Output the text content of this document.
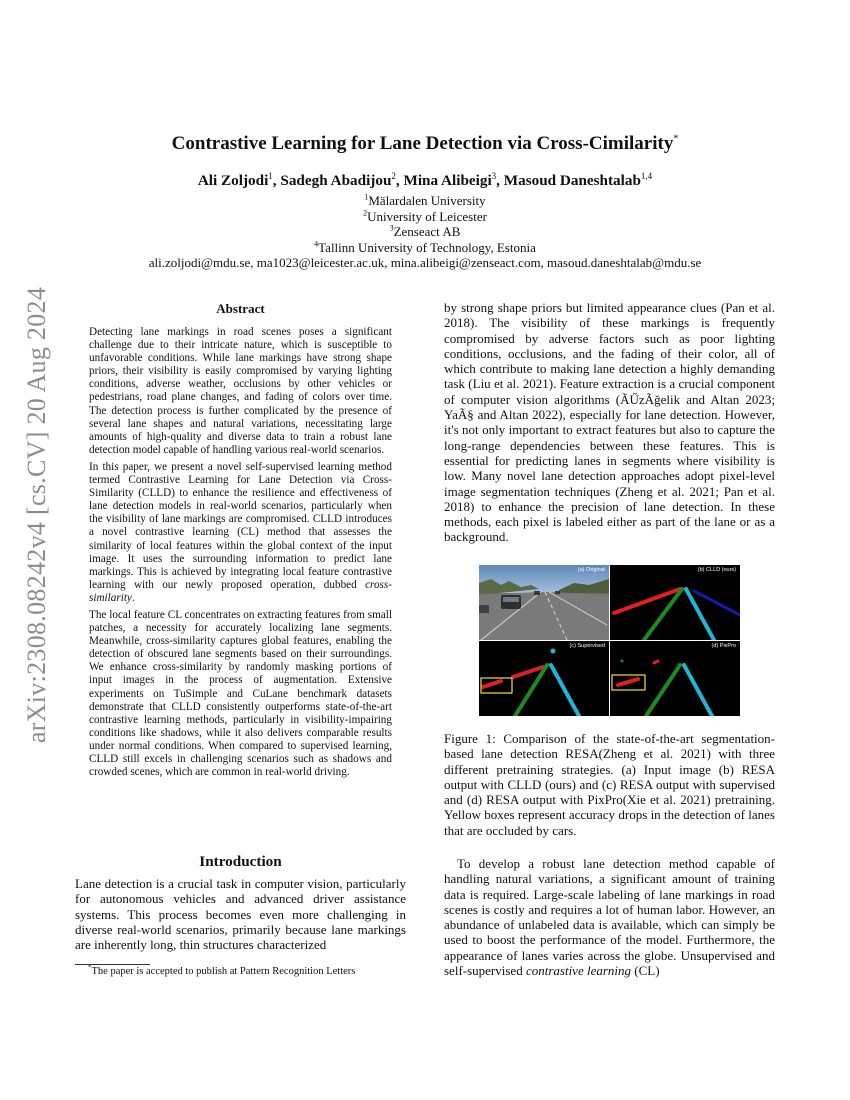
Contrastive Learning for Lane Detection via Cross-Cimilarity*
Ali Zoljodi$^1$, Sadegh Abadijou$^2$, Mina Alibeigi$^3$, Masoud Daneshtalab$^{1,4}$
$^1$Mälardalen University
$^2$University of Leicester
$^3$Zenseact AB
$^4$Tallinn University of Technology, Estonia
ali.zoljodi@mdu.se, ma1023@leicester.ac.uk, mina.alibeigi@zenseact.com, masoud.daneshtalab@mdu.se
arXiv:2308.08242v4 [cs.CV] 20 Aug 2024	Abstract

Detecting lane markings in road scenes poses a significant challenge due to their intricate nature, which is susceptible to unfavorable conditions. While lane markings have strong shape priors, their visibility is easily compromised by varying lighting conditions, adverse weather, occlusions by other vehicles or pedestrians, road plane changes, and fading of colors over time. The detection process is further complicated by the presence of several lane shapes and natural variations, necessitating large amounts of high-quality and diverse data to train a robust lane detection model capable of handling various real-world scenarios.

In this paper, we present a novel self-supervised learning method termed Contrastive Learning for Lane Detection via Cross-Similarity (CLLD) to enhance the resilience and effectiveness of lane detection models in real-world scenarios, particularly when the visibility of lane markings are compromised. CLLD introduces a novel contrastive learning (CL) method that assesses the similarity of local features within the global context of the input image. It uses the surrounding information to predict lane markings. This is achieved by integrating local feature contrastive learning with our newly proposed operation, dubbed cross-similarity.

The local feature CL concentrates on extracting features from small patches, a necessity for accurately localizing lane segments. Meanwhile, cross-similarity captures global features, enabling the detection of obscured lane segments based on their surroundings. We enhance cross-similarity by randomly masking portions of input images in the process of augmentation. Extensive experiments on TuSimple and CuLane benchmark datasets demonstrate that CLLD consistently outperforms state-of-the-art contrastive learning methods, particularly in visibility-impairing conditions like shadows, while it also delivers comparable results under normal conditions. When compared to supervised learning, CLLD still excels in challenging scenarios such as shadows and crowded scenes, which are common in real-world driving.

Introduction

Lane detection is a crucial task in computer vision, particularly for autonomous vehicles and advanced driver assistance systems. This process becomes even more challenging in diverse real-world scenarios, primarily because lane markings are inherently long, thin structures characterized

*The paper is accepted to publish at Pattern Recognition Letters

by strong shape priors but limited appearance clues (Pan et al. 2018). The visibility of these markings is frequently compromised by adverse factors such as poor lighting conditions, occlusions, and the fading of their color, all of which contribute to making lane detection a highly demanding task (Liu et al. 2021). Feature extraction is a crucial component of computer vision algorithms (ÃŰzÃğelik and Altan 2023; YaÃ§ and Altan 2022), especially for lane detection. However, it's not only important to extract features but also to capture the long-range dependencies between these features. This is essential for predicting lanes in segments where visibility is low. Many novel lane detection approaches adopt pixel-level image segmentation techniques (Zheng et al. 2021; Pan et al. 2018) to enhance the precision of lane detection. In these methods, each pixel is labeled either as part of the lane or as a background.

(a) Original	(b) CLLD (ours)
(c) Supervised	(d) PixPro

Figure 1: Comparison of the state-of-the-art segmentation-based lane detection RESA(Zheng et al. 2021) with three different pretraining strategies. (a) Input image (b) RESA output with CLLD (ours) and (c) RESA output with supervised and (d) RESA output with PixPro(Xie et al. 2021) pretraining. Yellow boxes represent accuracy drops in the detection of lanes that are occluded by cars.

To develop a robust lane detection method capable of handling natural variations, a significant amount of training data is required. Large-scale labeling of lane markings in road scenes is costly and requires a lot of human labor. However, an abundance of unlabeled data is available, which can simply be used to boost the performance of the model. Furthermore, the appearance of lanes varies across the globe. Unsupervised and self-supervised contrastive learning (CL)
